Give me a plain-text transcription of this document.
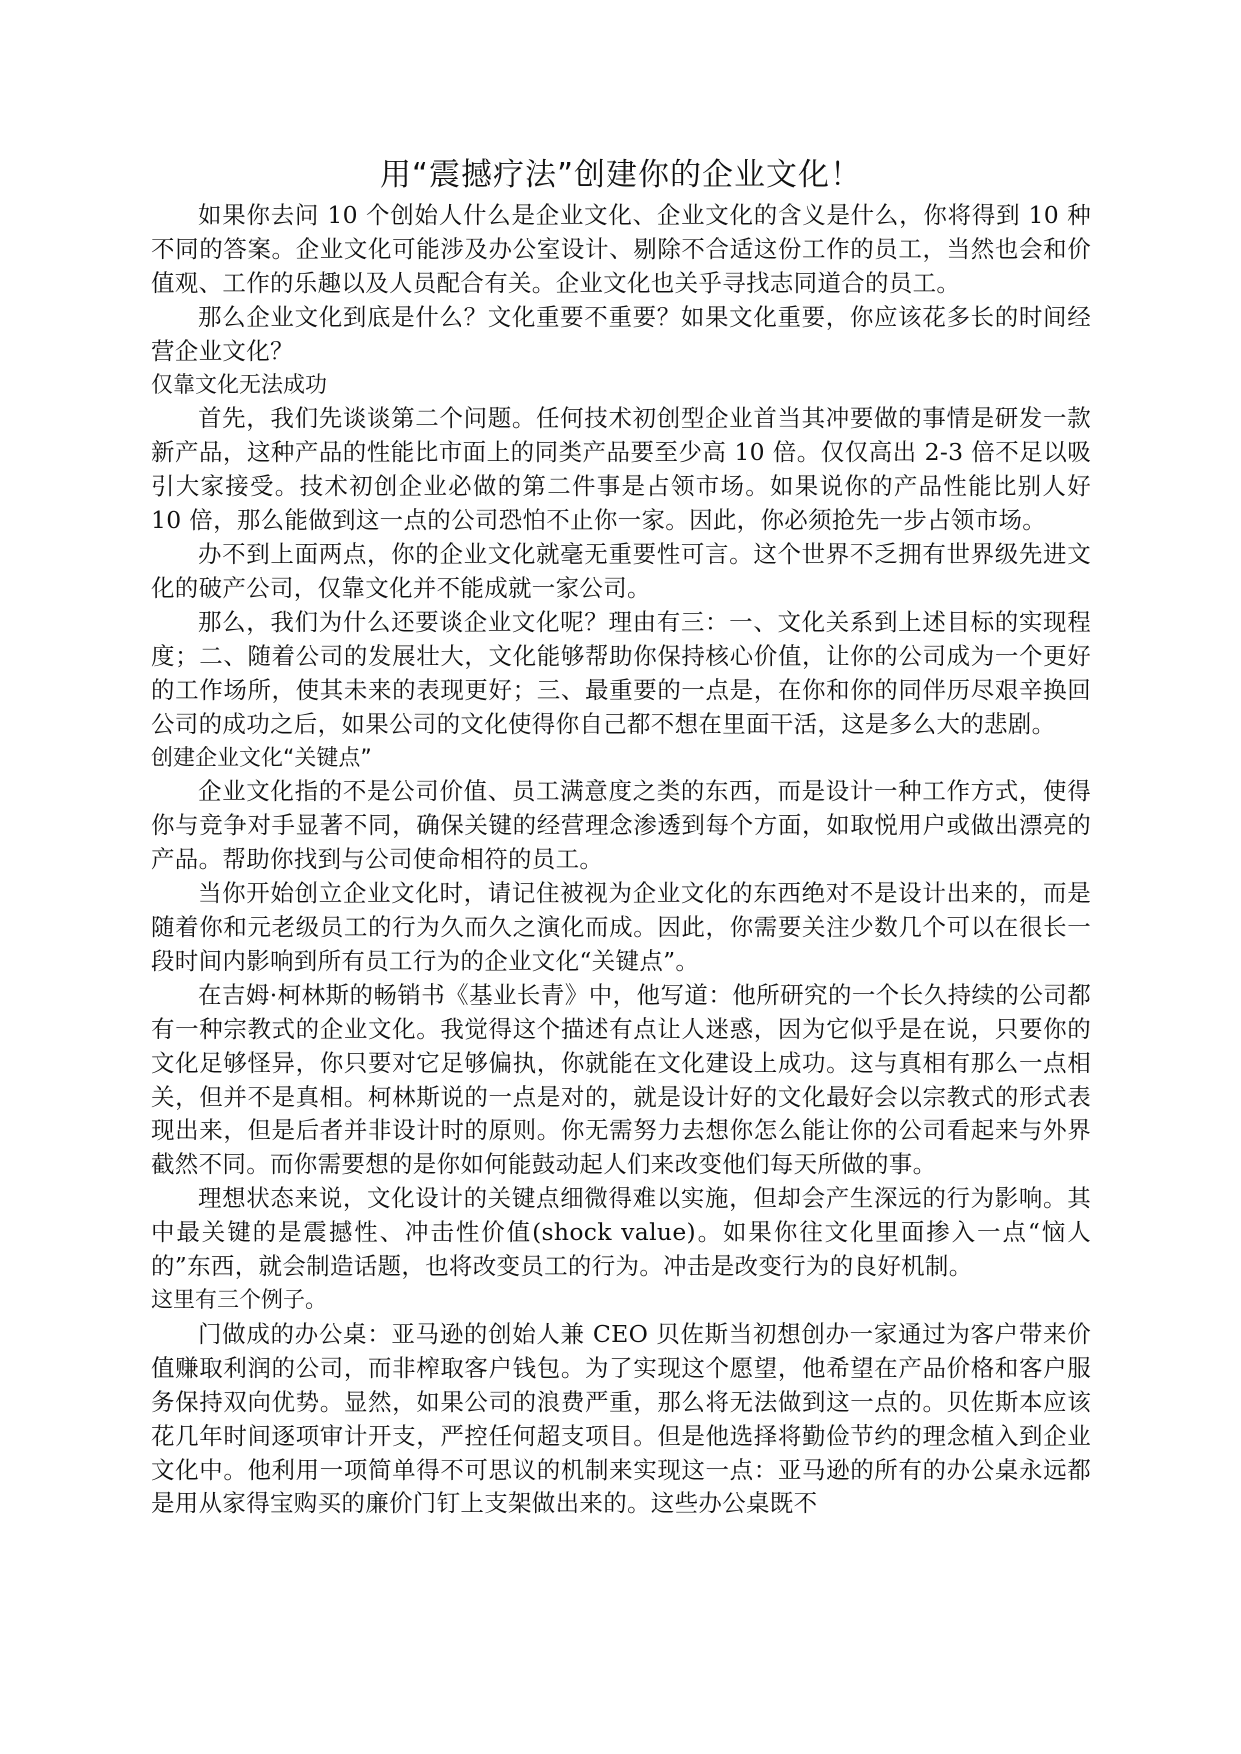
用“震撼疗法”创建你的企业文化！

如果你去问 10 个创始人什么是企业文化、企业文化的含义是什么，你将得到 10 种不同的答案。企业文化可能涉及办公室设计、剔除不合适这份工作的员工，当然也会和价值观、工作的乐趣以及人员配合有关。企业文化也关乎寻找志同道合的员工。

那么企业文化到底是什么？文化重要不重要？如果文化重要，你应该花多长的时间经营企业文化？

仅靠文化无法成功

首先，我们先谈谈第二个问题。任何技术初创型企业首当其冲要做的事情是研发一款新产品，这种产品的性能比市面上的同类产品要至少高 10 倍。仅仅高出 2-3 倍不足以吸引大家接受。技术初创企业必做的第二件事是占领市场。如果说你的产品性能比别人好 10 倍，那么能做到这一点的公司恐怕不止你一家。因此，你必须抢先一步占领市场。

办不到上面两点，你的企业文化就毫无重要性可言。这个世界不乏拥有世界级先进文化的破产公司，仅靠文化并不能成就一家公司。

那么，我们为什么还要谈企业文化呢？理由有三：一、文化关系到上述目标的实现程度；二、随着公司的发展壮大，文化能够帮助你保持核心价值，让你的公司成为一个更好的工作场所，使其未来的表现更好；三、最重要的一点是，在你和你的同伴历尽艰辛换回公司的成功之后，如果公司的文化使得你自己都不想在里面干活，这是多么大的悲剧。

创建企业文化“关键点”

企业文化指的不是公司价值、员工满意度之类的东西，而是设计一种工作方式，使得你与竞争对手显著不同，确保关键的经营理念渗透到每个方面，如取悦用户或做出漂亮的产品。帮助你找到与公司使命相符的员工。

当你开始创立企业文化时，请记住被视为企业文化的东西绝对不是设计出来的，而是随着你和元老级员工的行为久而久之演化而成。因此，你需要关注少数几个可以在很长一段时间内影响到所有员工行为的企业文化“关键点”。

在吉姆·柯林斯的畅销书《基业长青》中，他写道：他所研究的一个长久持续的公司都有一种宗教式的企业文化。我觉得这个描述有点让人迷惑，因为它似乎是在说，只要你的文化足够怪异，你只要对它足够偏执，你就能在文化建设上成功。这与真相有那么一点相关，但并不是真相。柯林斯说的一点是对的，就是设计好的文化最好会以宗教式的形式表现出来，但是后者并非设计时的原则。你无需努力去想你怎么能让你的公司看起来与外界截然不同。而你需要想的是你如何能鼓动起人们来改变他们每天所做的事。

理想状态来说，文化设计的关键点细微得难以实施，但却会产生深远的行为影响。其中最关键的是震撼性、冲击性价值(shock value)。如果你往文化里面掺入一点“恼人的”东西，就会制造话题，也将改变员工的行为。冲击是改变行为的良好机制。

这里有三个例子。

门做成的办公桌：亚马逊的创始人兼 CEO 贝佐斯当初想创办一家通过为客户带来价值赚取利润的公司，而非榨取客户钱包。为了实现这个愿望，他希望在产品价格和客户服务保持双向优势。显然，如果公司的浪费严重，那么将无法做到这一点的。贝佐斯本应该花几年时间逐项审计开支，严控任何超支项目。但是他选择将勤俭节约的理念植入到企业文化中。他利用一项简单得不可思议的机制来实现这一点：亚马逊的所有的办公桌永远都是用从家得宝购买的廉价门钉上支架做出来的。这些办公桌既不
